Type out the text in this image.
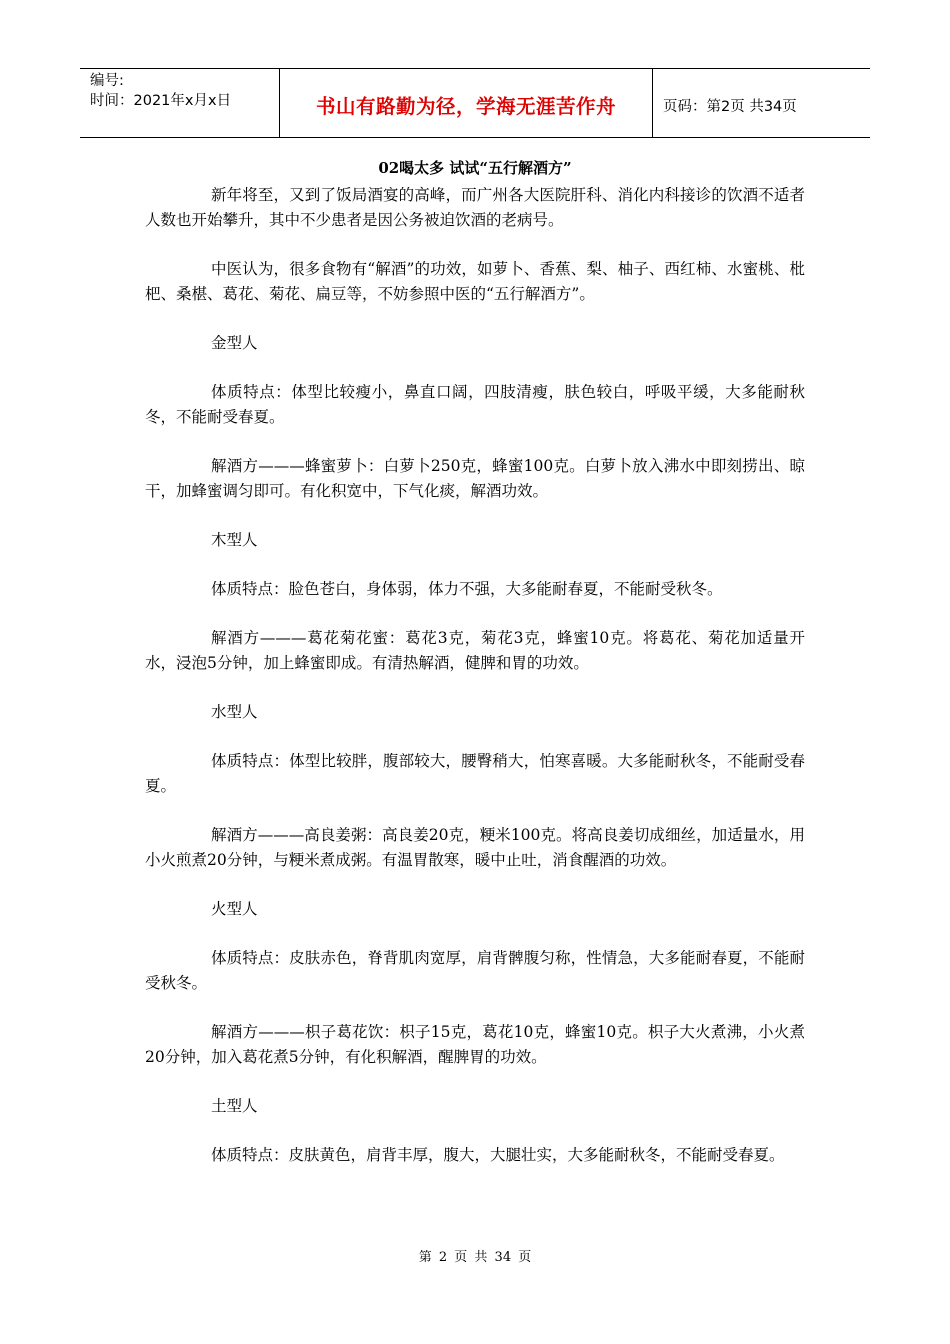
编号:
时间：2021年x月x日	书山有路勤为径，学海无涯苦作舟	页码：第2页 共34页
02喝太多 试试“五行解酒方”

新年将至，又到了饭局酒宴的高峰，而广州各大医院肝科、消化内科接诊的饮酒不适者人数也开始攀升，其中不少患者是因公务被迫饮酒的老病号。

中医认为，很多食物有“解酒”的功效，如萝卜、香蕉、梨、柚子、西红柿、水蜜桃、枇杷、桑椹、葛花、菊花、扁豆等，不妨参照中医的“五行解酒方”。

金型人

体质特点：体型比较瘦小，鼻直口阔，四肢清瘦，肤色较白，呼吸平缓，大多能耐秋冬，不能耐受春夏。

解酒方———蜂蜜萝卜：白萝卜250克，蜂蜜100克。白萝卜放入沸水中即刻捞出、晾干，加蜂蜜调匀即可。有化积宽中，下气化痰，解酒功效。

木型人

体质特点：脸色苍白，身体弱，体力不强，大多能耐春夏，不能耐受秋冬。

解酒方———葛花菊花蜜：葛花3克，菊花3克，蜂蜜10克。将葛花、菊花加适量开水，浸泡5分钟，加上蜂蜜即成。有清热解酒，健脾和胃的功效。

水型人

体质特点：体型比较胖，腹部较大，腰臀稍大，怕寒喜暖。大多能耐秋冬，不能耐受春夏。

解酒方———高良姜粥：高良姜20克，粳米100克。将高良姜切成细丝，加适量水，用小火煎煮20分钟，与粳米煮成粥。有温胃散寒，暖中止吐，消食醒酒的功效。

火型人

体质特点：皮肤赤色，脊背肌肉宽厚，肩背髀腹匀称，性情急，大多能耐春夏，不能耐受秋冬。

解酒方———枳子葛花饮：枳子15克，葛花10克，蜂蜜10克。枳子大火煮沸，小火煮20分钟，加入葛花煮5分钟，有化积解酒，醒脾胃的功效。

土型人

体质特点：皮肤黄色，肩背丰厚，腹大，大腿壮实，大多能耐秋冬，不能耐受春夏。

第 2 页 共 34 页
